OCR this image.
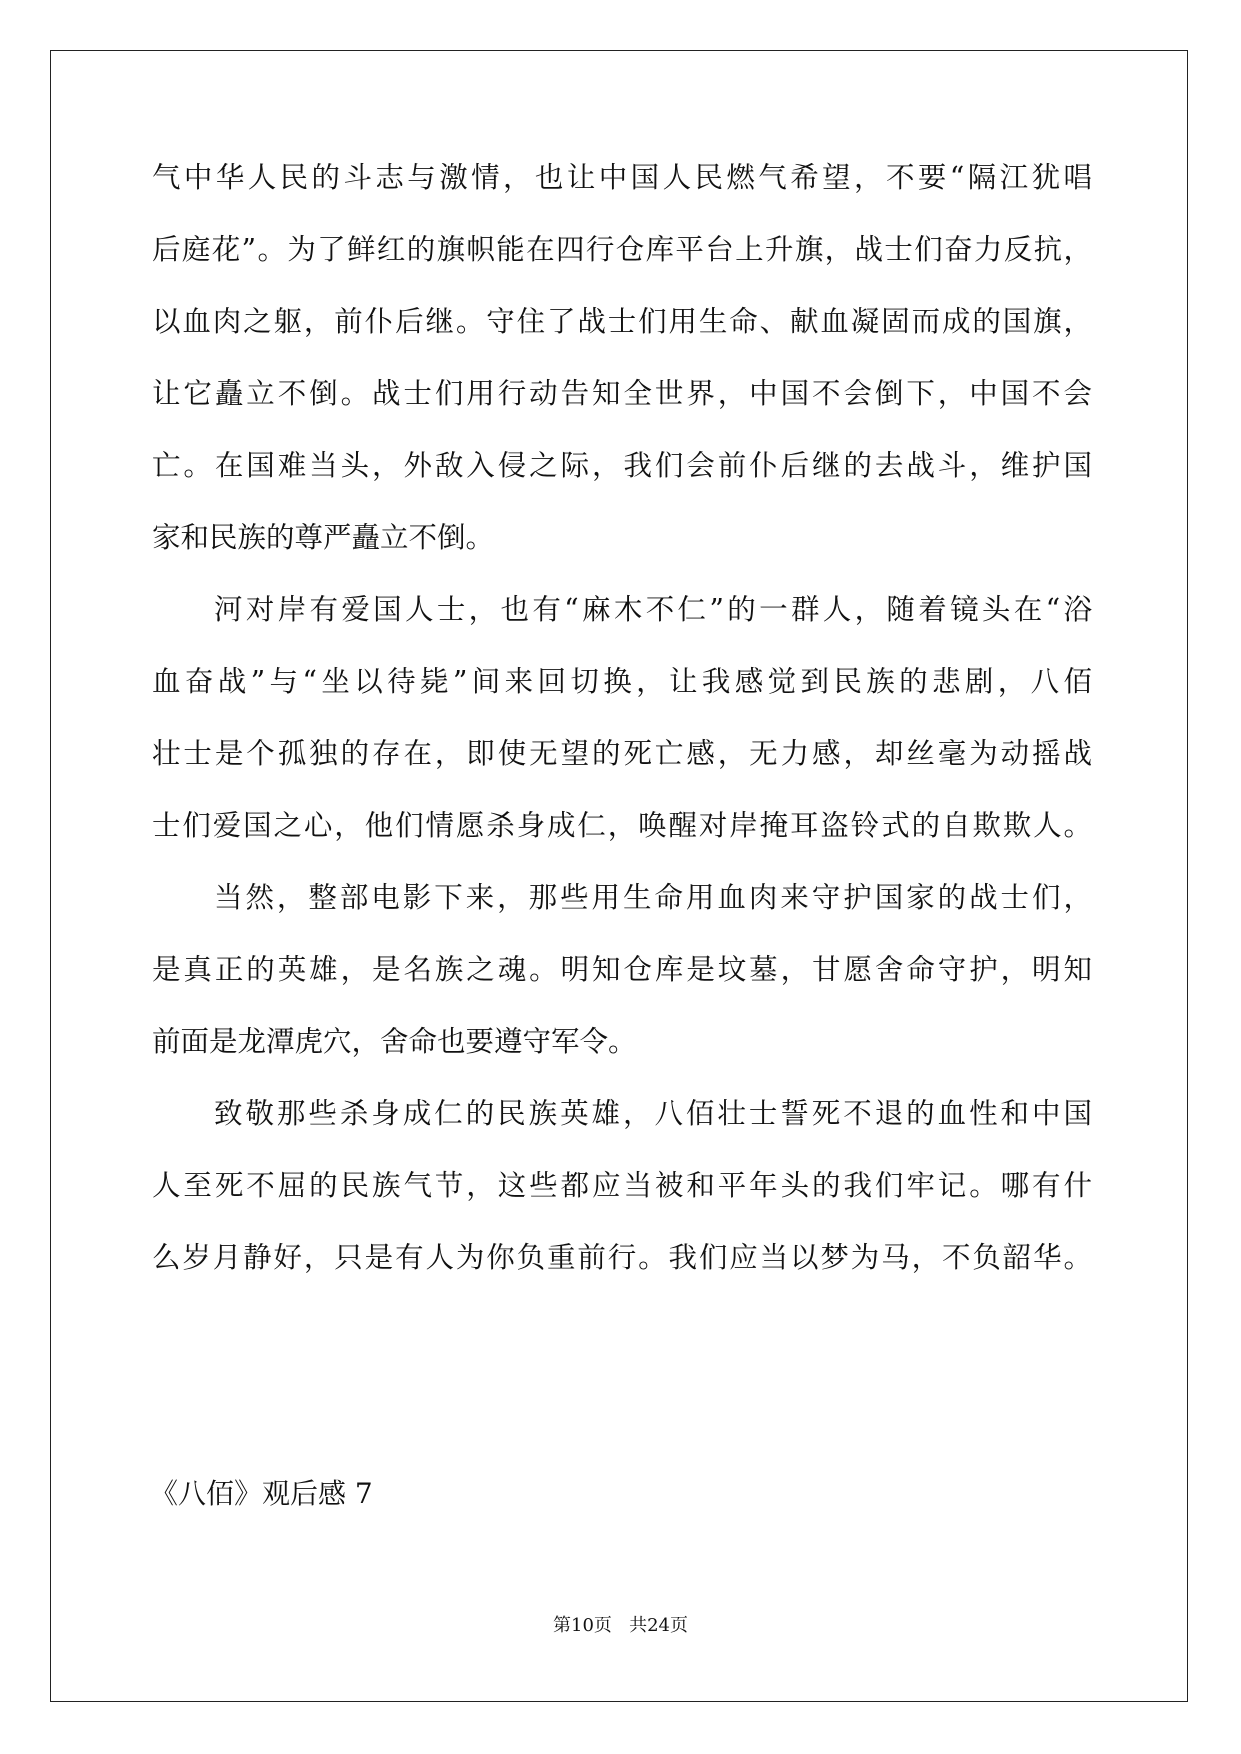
气中华人民的斗志与激情，也让中国人民燃气希望，不要“隔江犹唱
后庭花”。为了鲜红的旗帜能在四行仓库平台上升旗，战士们奋力反抗，
以血肉之躯，前仆后继。守住了战士们用生命、献血凝固而成的国旗，
让它矗立不倒。战士们用行动告知全世界，中国不会倒下，中国不会
亡。在国难当头，外敌入侵之际，我们会前仆后继的去战斗，维护国
家和民族的尊严矗立不倒。
河对岸有爱国人士，也有“麻木不仁”的一群人，随着镜头在“浴
血奋战”与“坐以待毙”间来回切换，让我感觉到民族的悲剧，八佰
壮士是个孤独的存在，即使无望的死亡感，无力感，却丝毫为动摇战
士们爱国之心，他们情愿杀身成仁，唤醒对岸掩耳盗铃式的自欺欺人。
当然，整部电影下来，那些用生命用血肉来守护国家的战士们，
是真正的英雄，是名族之魂。明知仓库是坟墓，甘愿舍命守护，明知
前面是龙潭虎穴，舍命也要遵守军令。
致敬那些杀身成仁的民族英雄，八佰壮士誓死不退的血性和中国
人至死不屈的民族气节，这些都应当被和平年头的我们牢记。哪有什
么岁月静好，只是有人为你负重前行。我们应当以梦为马，不负韶华。
《八佰》观后感 7
第10页   共24页
